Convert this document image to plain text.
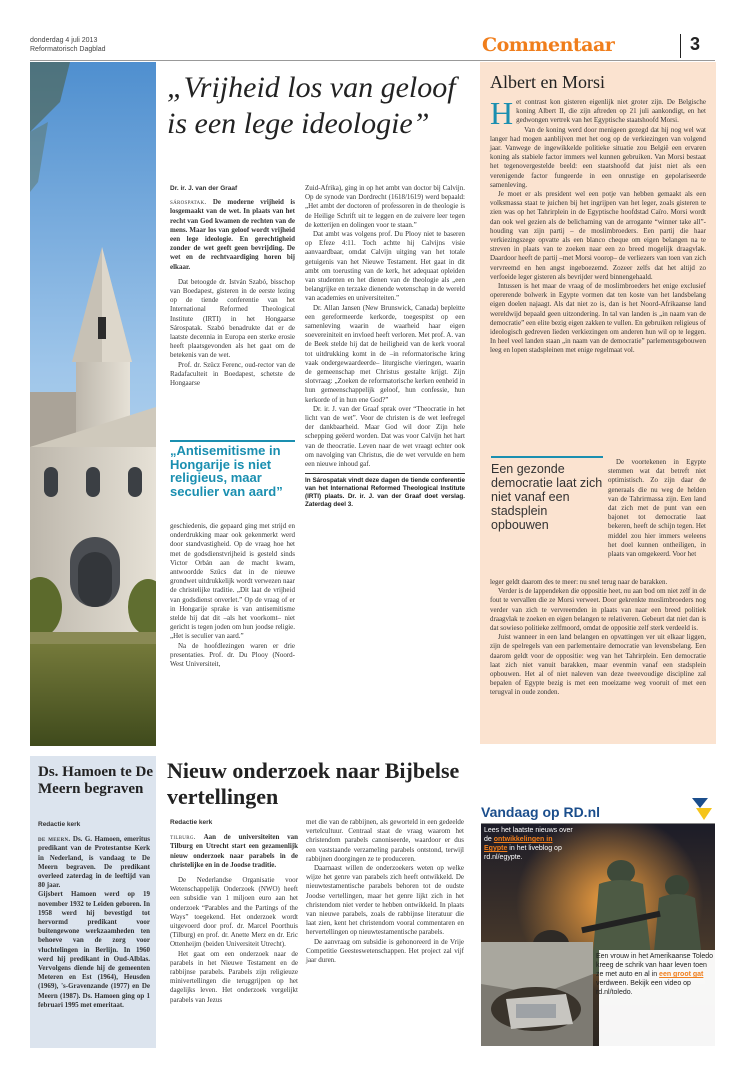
donderdag 4 juli 2013
Reformatorisch Dagblad	Commentaar	3
„Vrijheid los van geloof is een lege ideologie”
Dr. ir. J. van der Graaf

sárospatak. De moderne vrijheid is losgemaakt van de wet. In plaats van het recht van God kwamen de rechten van de mens. Maar los van geloof wordt vrijheid een lege ideologie. En gerechtigheid zonder de wet geeft geen bevrijding. De wet en de rechtvaardiging horen bij elkaar.

Dat betoogde dr. István Szabó, bisschop van Boedapest, gisteren in de eerste lezing op de tiende conferentie van het International Reformed Theological Institute (IRTI) in het Hongaarse Sárospatak. Szabó benadrukte dat er de laatste decennia in Europa een sterke erosie heeft plaatsgevonden als het gaat om de betekenis van de wet.

Prof. dr. Szücz Ferenc, oud-rector van de Radafaculteit in Boedapest, schetste de Hongaarse

„Antisemitisme in Hongarije is niet religieus, maar seculier van aard”

geschiedenis, die gepaard ging met strijd en onderdrukking maar ook gekenmerkt werd door standvastigheid. Op de vraag hoe het met de godsdienstvrijheid is gesteld sinds Victor Orbán aan de macht kwam, antwoordde Szücs dat in de nieuwe grondwet uitdrukkelijk wordt verwezen naar de christelijke traditie. „Dit laat de vrijheid van godsdienst onverlet.” Op de vraag of er in Hongarije sprake is van antisemitisme stelde hij dat dit –als het voorkomt– niet gericht is tegen joden om hun joodse religie. „Het is seculier van aard.”

Na de hoofdlezingen waren er drie presentaties. Prof. dr. Du Plooy (Noord-West Universiteit,

Zuid-Afrika), ging in op het ambt van doctor bij Calvijn. Op de synode van Dordrecht (1618/1619) werd bepaald: „Het ambt der doctoren of professoren in de theologie is de Heilige Schrift uit te leggen en de zuivere leer tegen de ketterijen en dolingen voor te staan.”

Dat ambt was volgens prof. Du Plooy niet te baseren op Efeze 4:11. Toch achtte hij Calvijns visie aanvaardbaar, omdat Calvijn uitging van het totale getuigenis van het Nieuwe Testament. Het gaat in dit ambt om toerusting van de kerk, het adequaat opleiden van studenten en het dienen van de theologie als „een belangrijke en terzake dienende wetenschap in de wereld van academies en universiteiten.”

Dr. Allan Jansen (New Brunswick, Canada) bepleitte een gereformeerde kerkorde, toegespitst op een samenleving waarin de waarheid haar eigen soevereiniteit en invloed heeft verloren. Met prof. A. van de Beek stelde hij dat de heiligheid van de kerk vooral tot uitdrukking komt in de –in reformatorische kring vaak ondergewaardeerde– liturgische vieringen, waarin de gemeenschap met Christus gestalte krijgt. Zijn slotvraag: „Zoeken de reformatorische kerken eenheid in hun gemeenschappelijk geloof, hun confessie, hun kerkorde of in hun ene God?”

Dr. ir. J. van der Graaf sprak over “Theocratie in het licht van de wet”. Voor de christen is de wet leefregel der dankbaarheid. Maar God wil door Zijn hele schepping geëerd worden. Dat was voor Calvijn het hart van de theocratie. Leven naar de wet vraagt echter ook om navolging van Christus, die de wet vervulde en hem een nieuwe inhoud gaf.

In Sárospatak vindt deze dagen de tiende conferentie van het International Reformed Theological Institute (IRTI) plaats. Dr. ir. J. van der Graaf doet verslag. Zaterdag deel 3.
Albert en Morsi

Het contrast kon gisteren eigenlijk niet groter zijn. De Belgische koning Albert II, die zijn aftreden op 21 juli aankondigt, en het gedwongen vertrek van het Egyptische staatshoofd Morsi.

Van de koning werd door menigeen gezegd dat hij nog wel wat langer had mogen aanblijven met het oog op de verkiezingen van volgend jaar. Vanwege de ingewikkelde politieke situatie zou België een ervaren koning als stabiele factor immers wel kunnen gebruiken. Van Morsi bestaat het tegenovergestelde beeld: een staatshoofd dat juist niet als een verenigende factor fungeerde in een onrustige en gepolariseerde samenleving.

Je moet er als president wel een potje van hebben gemaakt als een volksmassa staat te juichen bij het ingrijpen van het leger, zoals gisteren te zien was op het Tahrirplein in de Egyptische hoofdstad Caïro. Morsi wordt dan ook wel gezien als de belichaming van de arrogante “winner take all”-houding van zijn partij – de moslimbroeders. Een partij die haar verkiezingszege opvatte als een blanco cheque om eigen belangen na te streven in plaats van te zoeken naar een zo breed mogelijk draagvlak. Daardoor heeft de partij –met Morsi voorop– de verliezers van toen van zich vervreemd en hen angst ingeboezemd. Zozeer zelfs dat het altijd zo verfoeide leger gisteren als bevrijder werd binnengehaald.

Intussen is het maar de vraag of de moslimbroeders het enige exclusief opererende bolwerk in Egypte vormen dat ten koste van het landsbelang eigen doelen najaagt. Als dat niet zo is, dan is het Noord-Afrikaanse land wereldwijd bepaald geen uitzondering. In tal van landen is „in naam van de democratie” een elite bezig eigen zakken te vullen. En gebruiken religieus of ideologisch gedreven lieden verkiezingen om anderen hun wil op te leggen. In heel veel landen staan „in naam van de democratie” parlementsgebouwen leeg en lopen stadspleinen met enige regelmaat vol.

Een gezonde democratie laat zich niet vanaf een stadsplein opbouwen

De voortekenen in Egypte stemmen wat dat betreft niet optimistisch. Zo zijn daar de generaals die nu weg de helden van de Tahrirmassa zijn. Een land dat zich met de punt van een bajonet tot democratie laat bekeren, heeft de schijn tegen. Het middel zou hier immers weleens het doel kunnen ontheiligen, in plaats van omgekeerd. Voor het

leger geldt daarom des te meer: nu snel terug naar de barakken.

Verder is de lappendeken die oppositie heet, nu aan bod om niet zelf in de fout te vervallen die ze Morsi verweet. Door gekrenkte moslimbroeders nog verder van zich te vervreemden in plaats van naar een breed politiek draagvlak te zoeken en eigen belangen te relativeren. Gebeurt dat niet dan is dat sowieso politieke zelfmoord, omdat de oppositie zelf sterk verdeeld is.

Juist wanneer in een land belangen en opvattingen ver uit elkaar liggen, zijn de spelregels van een parlementaire democratie van levensbelang. Een daarom geldt voor de oppositie: weg van het Tahrirplein. Een democratie laat zich niet vanuit barakken, maar evenmin vanaf een stadsplein opbouwen. Het al of niet naleven van deze tweevoudige discipline zal bepalen of Egypte bezig is met een moeizame weg vooruit of met een terugval in oude zonden.

Ds. Hamoen te De Meern begraven
Redactie kerk

de meern. Ds. G. Hamoen, emeritus predikant van de Protestantse Kerk in Nederland, is vandaag te De Meern begraven. De predikant overleed zaterdag in de leeftijd van 80 jaar.

Gijsbert Hamoen werd op 19 november 1932 te Leiden geboren. In 1958 werd hij bevestigd tot hervormd predikant voor buitengewone werkzaamheden ten behoeve van de zorg voor vluchtelingen in Berlijn. In 1960 werd hij predikant in Oud-Alblas. Vervolgens diende hij de gemeenten Meteren en Est (1964), Heusden (1969), 's-Gravenzande (1977) en De Meern (1987). Ds. Hamoen ging op 1 februari 1995 met emeritaat.

Nieuw onderzoek naar Bijbelse vertellingen
Redactie kerk

tilburg. Aan de universiteiten van Tilburg en Utrecht start een gezamenlijk nieuw onderzoek naar parabels in de christelijke en in de Joodse traditie.

De Nederlandse Organisatie voor Wetenschappelijk Onderzoek (NWO) heeft een subsidie van 1 miljoen euro aan het onderzoek “Parables and the Partings of the Ways” toegekend. Het onderzoek wordt uitgevoerd door prof. dr. Marcel Poorthuis (Tilburg) en prof. dr. Anette Merz en dr. Eric Ottenheijm (beiden Universiteit Utrecht).

Het gaat om een onderzoek naar de parabels in het Nieuwe Testament en de rabbijnse parabels. Parabels zijn religieuze minivertellingen die teruggrijpen op het dagelijks leven. Het onderzoek vergelijkt parabels van Jezus

met die van de rabbijnen, als geworteld in een gedeelde vertelcultuur. Centraal staat de vraag waarom het christendom parabels canoniseerde, waardoor er dus een vaststaande verzameling parabels ontstond, terwijl rabbijnen doorgingen ze te produceren.

Daarnaast willen de onderzoekers weten op welke wijze het genre van parabels zich heeft ontwikkeld. De nieuwtestamentische parabels behoren tot de oudste Joodse vertellingen, maar het genre lijkt zich in het christendom niet verder te hebben ontwikkeld. In plaats van nieuwe parabels, zoals de rabbijnse literatuur die laat zien, kent het christendom vooral commentaren en hervertellingen op nieuwtestamentische parabels.

De aanvraag om subsidie is gehonoreerd in de Vrije Competitie Geesteswetenschappen. Het project zal vijf jaar duren.

Vandaag op RD.nl
Lees het laatste nieuws over de ontwikkelingen in Egypte in het liveblog op rd.nl/egypte.
Een vrouw in het Amerikaanse Toledo kreeg de schrik van haar leven toen ze met auto en al in een groot gat verdween. Bekijk een video op rd.nl/toledo.
